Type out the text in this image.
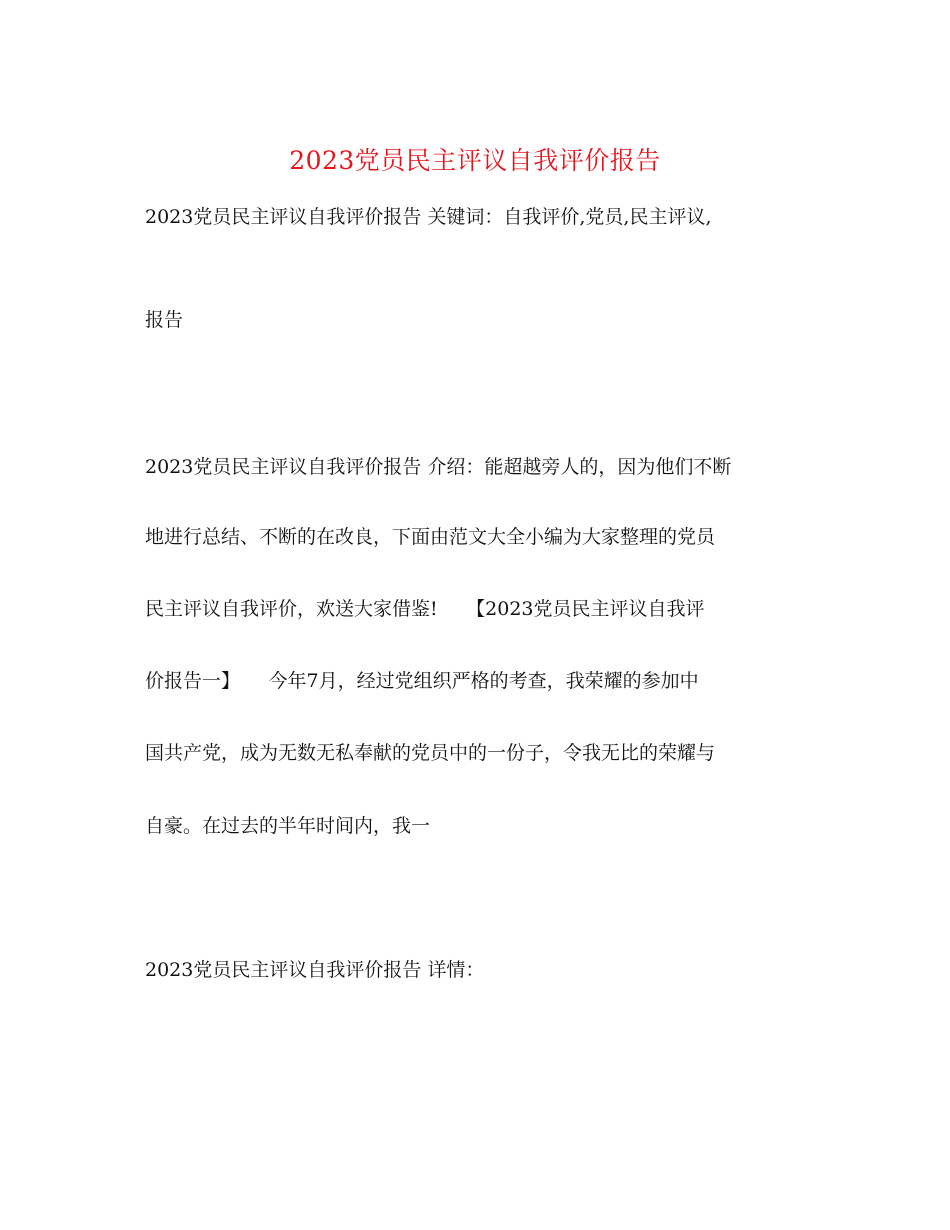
2023党员民主评议自我评价报告
2023党员民主评议自我评价报告 关键词：自我评价,党员,民主评议,
报告
2023党员民主评议自我评价报告 介绍：能超越旁人的，因为他们不断
地进行总结、不断的在改良，下面由范文大全小编为大家整理的党员
民主评议自我评价，欢送大家借鉴!　　【2023党员民主评议自我评
价报告一】　　今年7月，经过党组织严格的考查，我荣耀的参加中
国共产党，成为无数无私奉献的党员中的一份子，令我无比的荣耀与
自豪。在过去的半年时间内，我一
2023党员民主评议自我评价报告 详情：
